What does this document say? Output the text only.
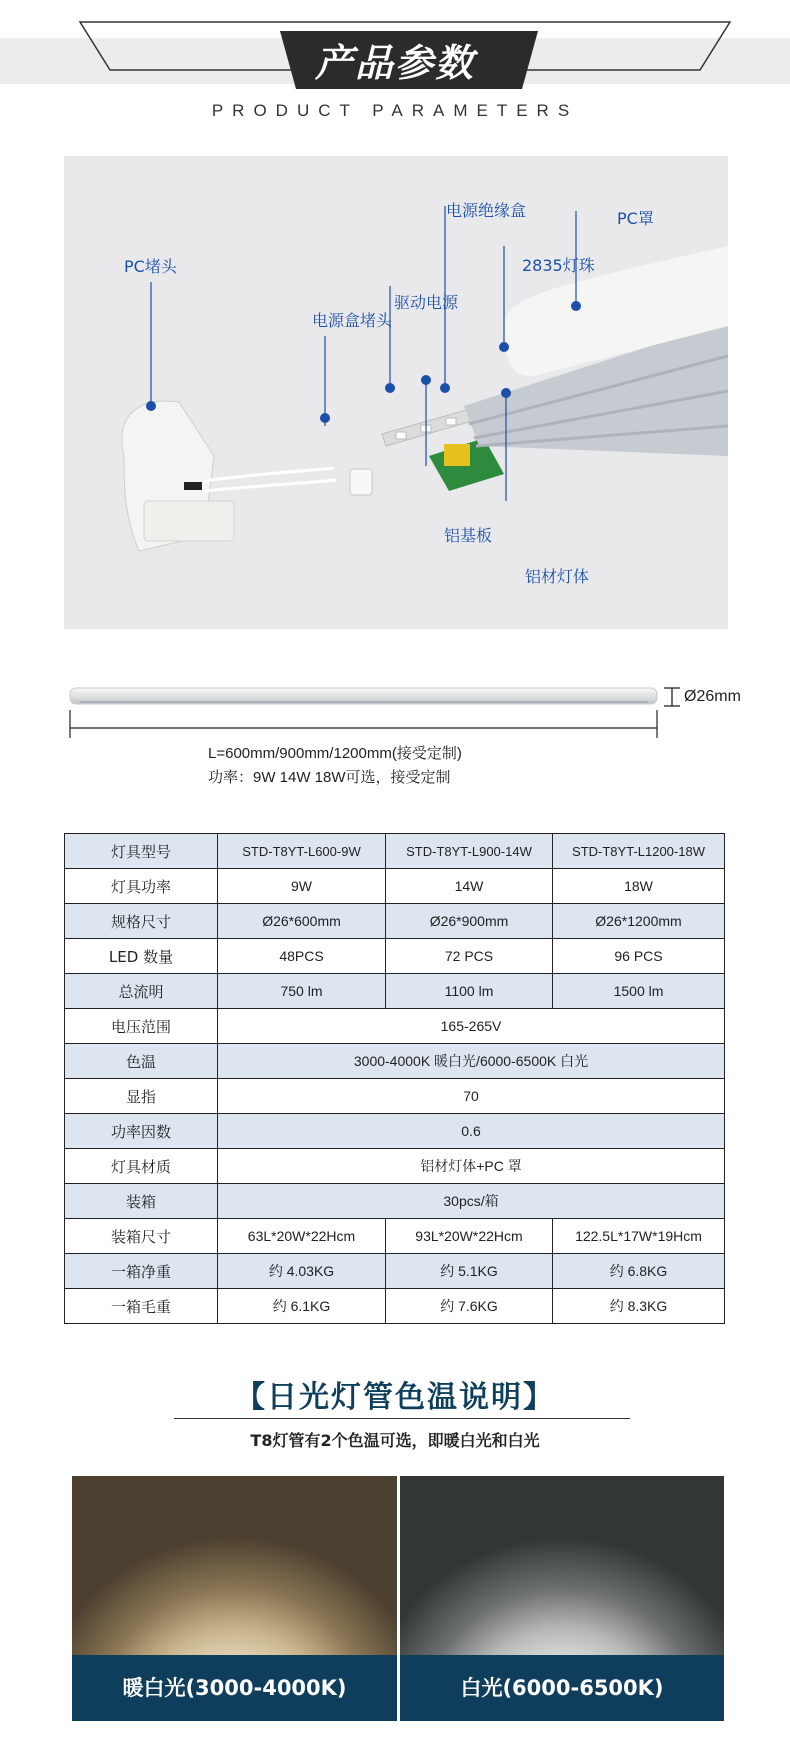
产品参数
PRODUCT PARAMETERS
PC堵头
电源盒堵头
驱动电源
电源绝缘盒
2835灯珠
PC罩
铝基板
铝材灯体
Ø26mm
L=600mm/900mm/1200mm(接受定制)
功率：9W 14W 18W可选，接受定制
灯具型号	STD-T8YT-L600-9W	STD-T8YT-L900-14W	STD-T8YT-L1200-18W
灯具功率	9W	14W	18W
规格尺寸	Ø26*600mm	Ø26*900mm	Ø26*1200mm
LED 数量	48PCS	72 PCS	96 PCS
总流明	750 lm	1100 lm	1500 lm
电压范围	165-265V		
色温	3000-4000K 暖白光/6000-6500K 白光		
显指	70		
功率因数	0.6		
灯具材质	铝材灯体+PC 罩		
装箱	30pcs/箱		
装箱尺寸	63L*20W*22Hcm	93L*20W*22Hcm	122.5L*17W*19Hcm
一箱净重	约 4.03KG	约 5.1KG	约 6.8KG
一箱毛重	约 6.1KG	约 7.6KG	约 8.3KG
【日光灯管色温说明】
T8灯管有2个色温可选，即暖白光和白光
暖白光(3000-4000K)	白光(6000-6500K)
